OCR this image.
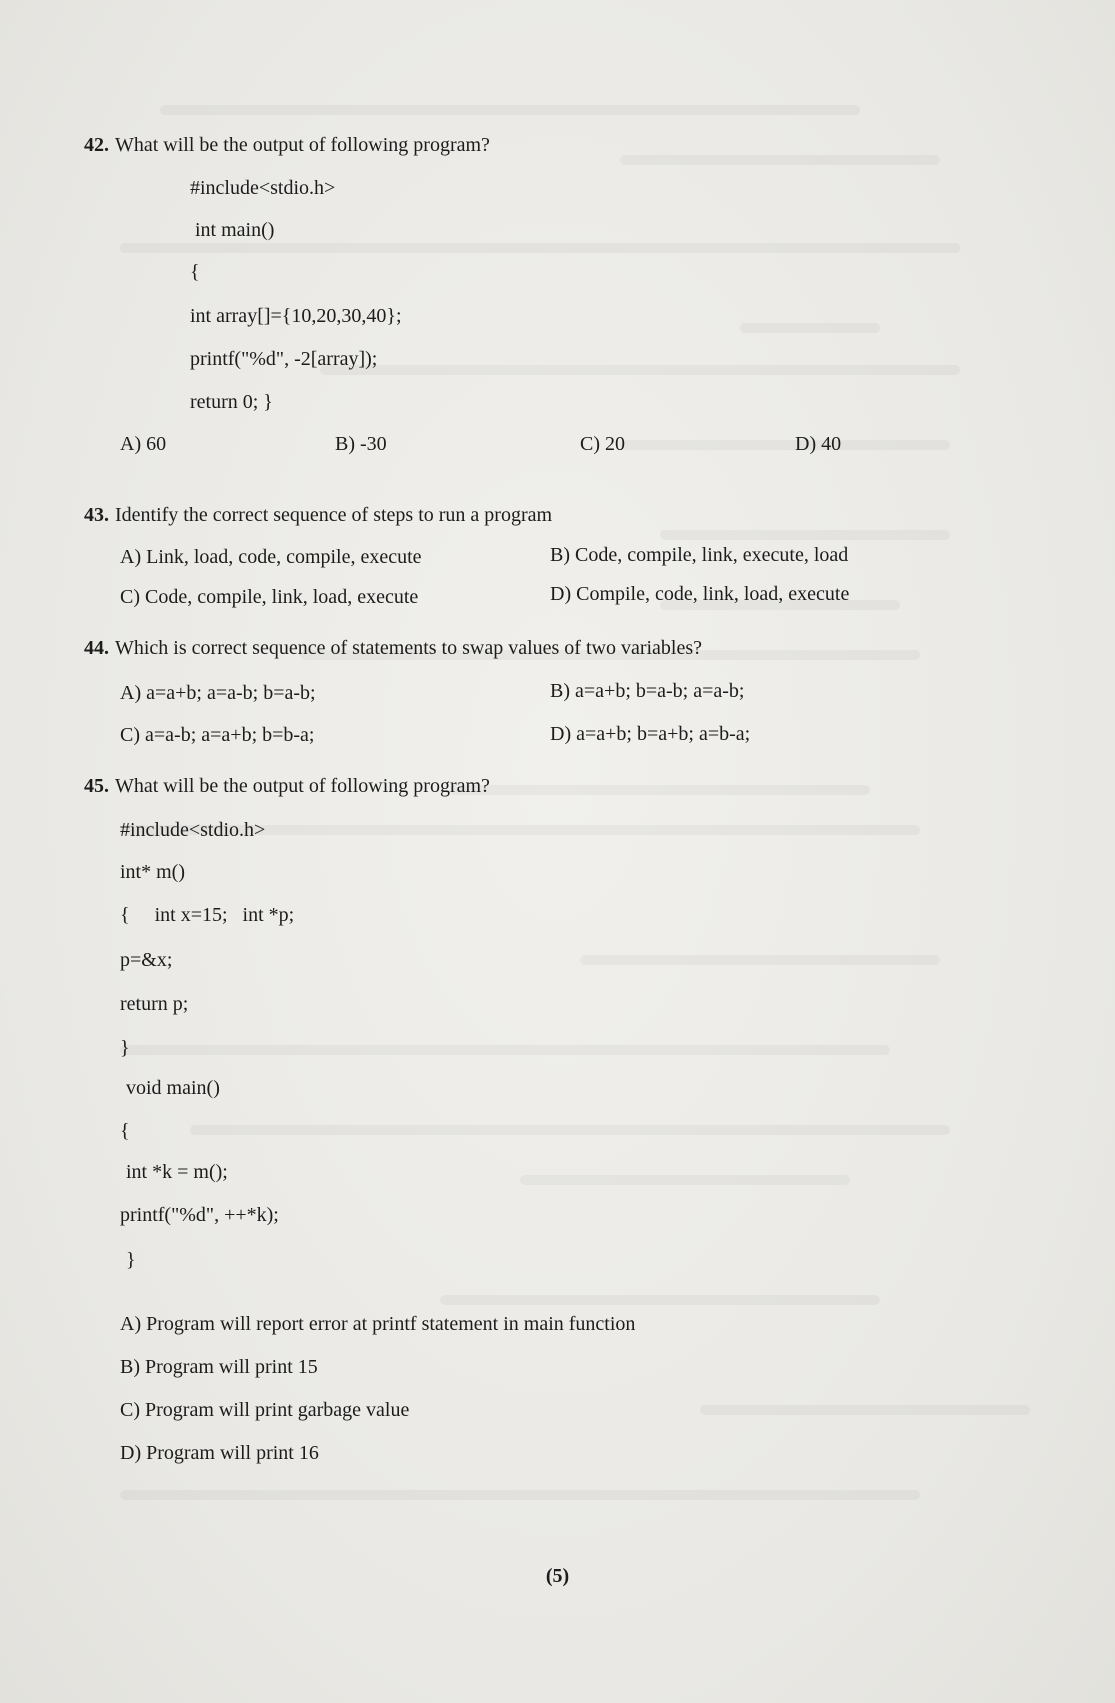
42. What will be the output of following program?
#include<stdio.h>
int main()
{
int array[]={10,20,30,40};
printf("%d", -2[array]);
return 0; }
A) 60	B) -30	C) 20	D) 40
43. Identify the correct sequence of steps to run a program
A) Link, load, code, compile, execute	B) Code, compile, link, execute, load
C) Code, compile, link, load, execute	D) Compile, code, link, load, execute
44. Which is correct sequence of statements to swap values of two variables?
A) a=a+b; a=a-b; b=a-b;	B) a=a+b; b=a-b; a=a-b;
C) a=a-b; a=a+b; b=b-a;	D) a=a+b; b=a+b; a=b-a;
45. What will be the output of following program?
#include<stdio.h>
int* m()
{     int x=15;   int *p;
p=&x;
return p;
}
void main()
{
int *k = m();
printf("%d", ++*k);
}
A) Program will report error at printf statement in main function
B) Program will print 15
C) Program will print garbage value
D) Program will print 16
(5)
